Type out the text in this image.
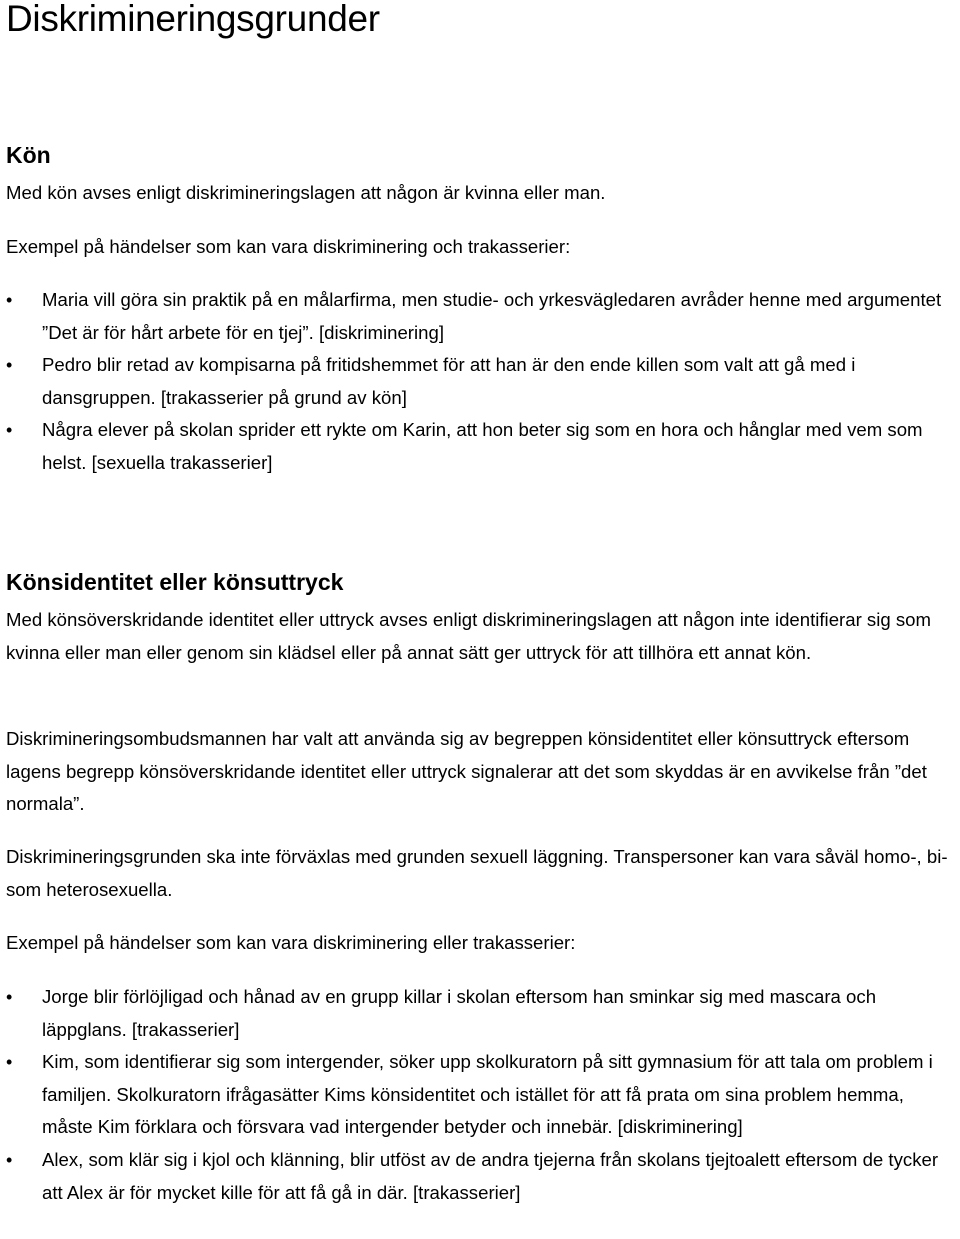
Diskrimineringsgrunder
Kön

Med kön avses enligt diskrimineringslagen att någon är kvinna eller man.

Exempel på händelser som kan vara diskriminering och trakasserier:

•	Maria vill göra sin praktik på en målarfirma, men studie- och yrkesvägledaren avråder henne med argumentet ”Det är för hårt arbete för en tjej”. [diskriminering]
•	Pedro blir retad av kompisarna på fritidshemmet för att han är den ende killen som valt att gå med i dansgruppen. [trakasserier på grund av kön]
•	Några elever på skolan sprider ett rykte om Karin, att hon beter sig som en hora och hånglar med vem som helst. [sexuella trakasserier]
Könsidentitet eller könsuttryck

Med könsöverskridande identitet eller uttryck avses enligt diskrimineringslagen att någon inte identifierar sig som kvinna eller man eller genom sin klädsel eller på annat sätt ger uttryck för att tillhöra ett annat kön.

Diskrimineringsombudsmannen har valt att använda sig av begreppen könsidentitet eller könsuttryck eftersom lagens begrepp könsöverskridande identitet eller uttryck signalerar att det som skyddas är en avvikelse från ”det normala”.

Diskrimineringsgrunden ska inte förväxlas med grunden sexuell läggning. Transpersoner kan vara såväl homo-, bi- som heterosexuella.

Exempel på händelser som kan vara diskriminering eller trakasserier:

•	Jorge blir förlöjligad och hånad av en grupp killar i skolan eftersom han sminkar sig med mascara och läppglans. [trakasserier]
•	Kim, som identifierar sig som intergender, söker upp skolkuratorn på sitt gymnasium för att tala om problem i familjen. Skolkuratorn ifrågasätter Kims könsidentitet och istället för att få prata om sina problem hemma, måste Kim förklara och försvara vad intergender betyder och innebär. [diskriminering]
•	Alex, som klär sig i kjol och klänning, blir utföst av de andra tjejerna från skolans tjejtoalett eftersom de tycker att Alex är för mycket kille för att få gå in där. [trakasserier]
